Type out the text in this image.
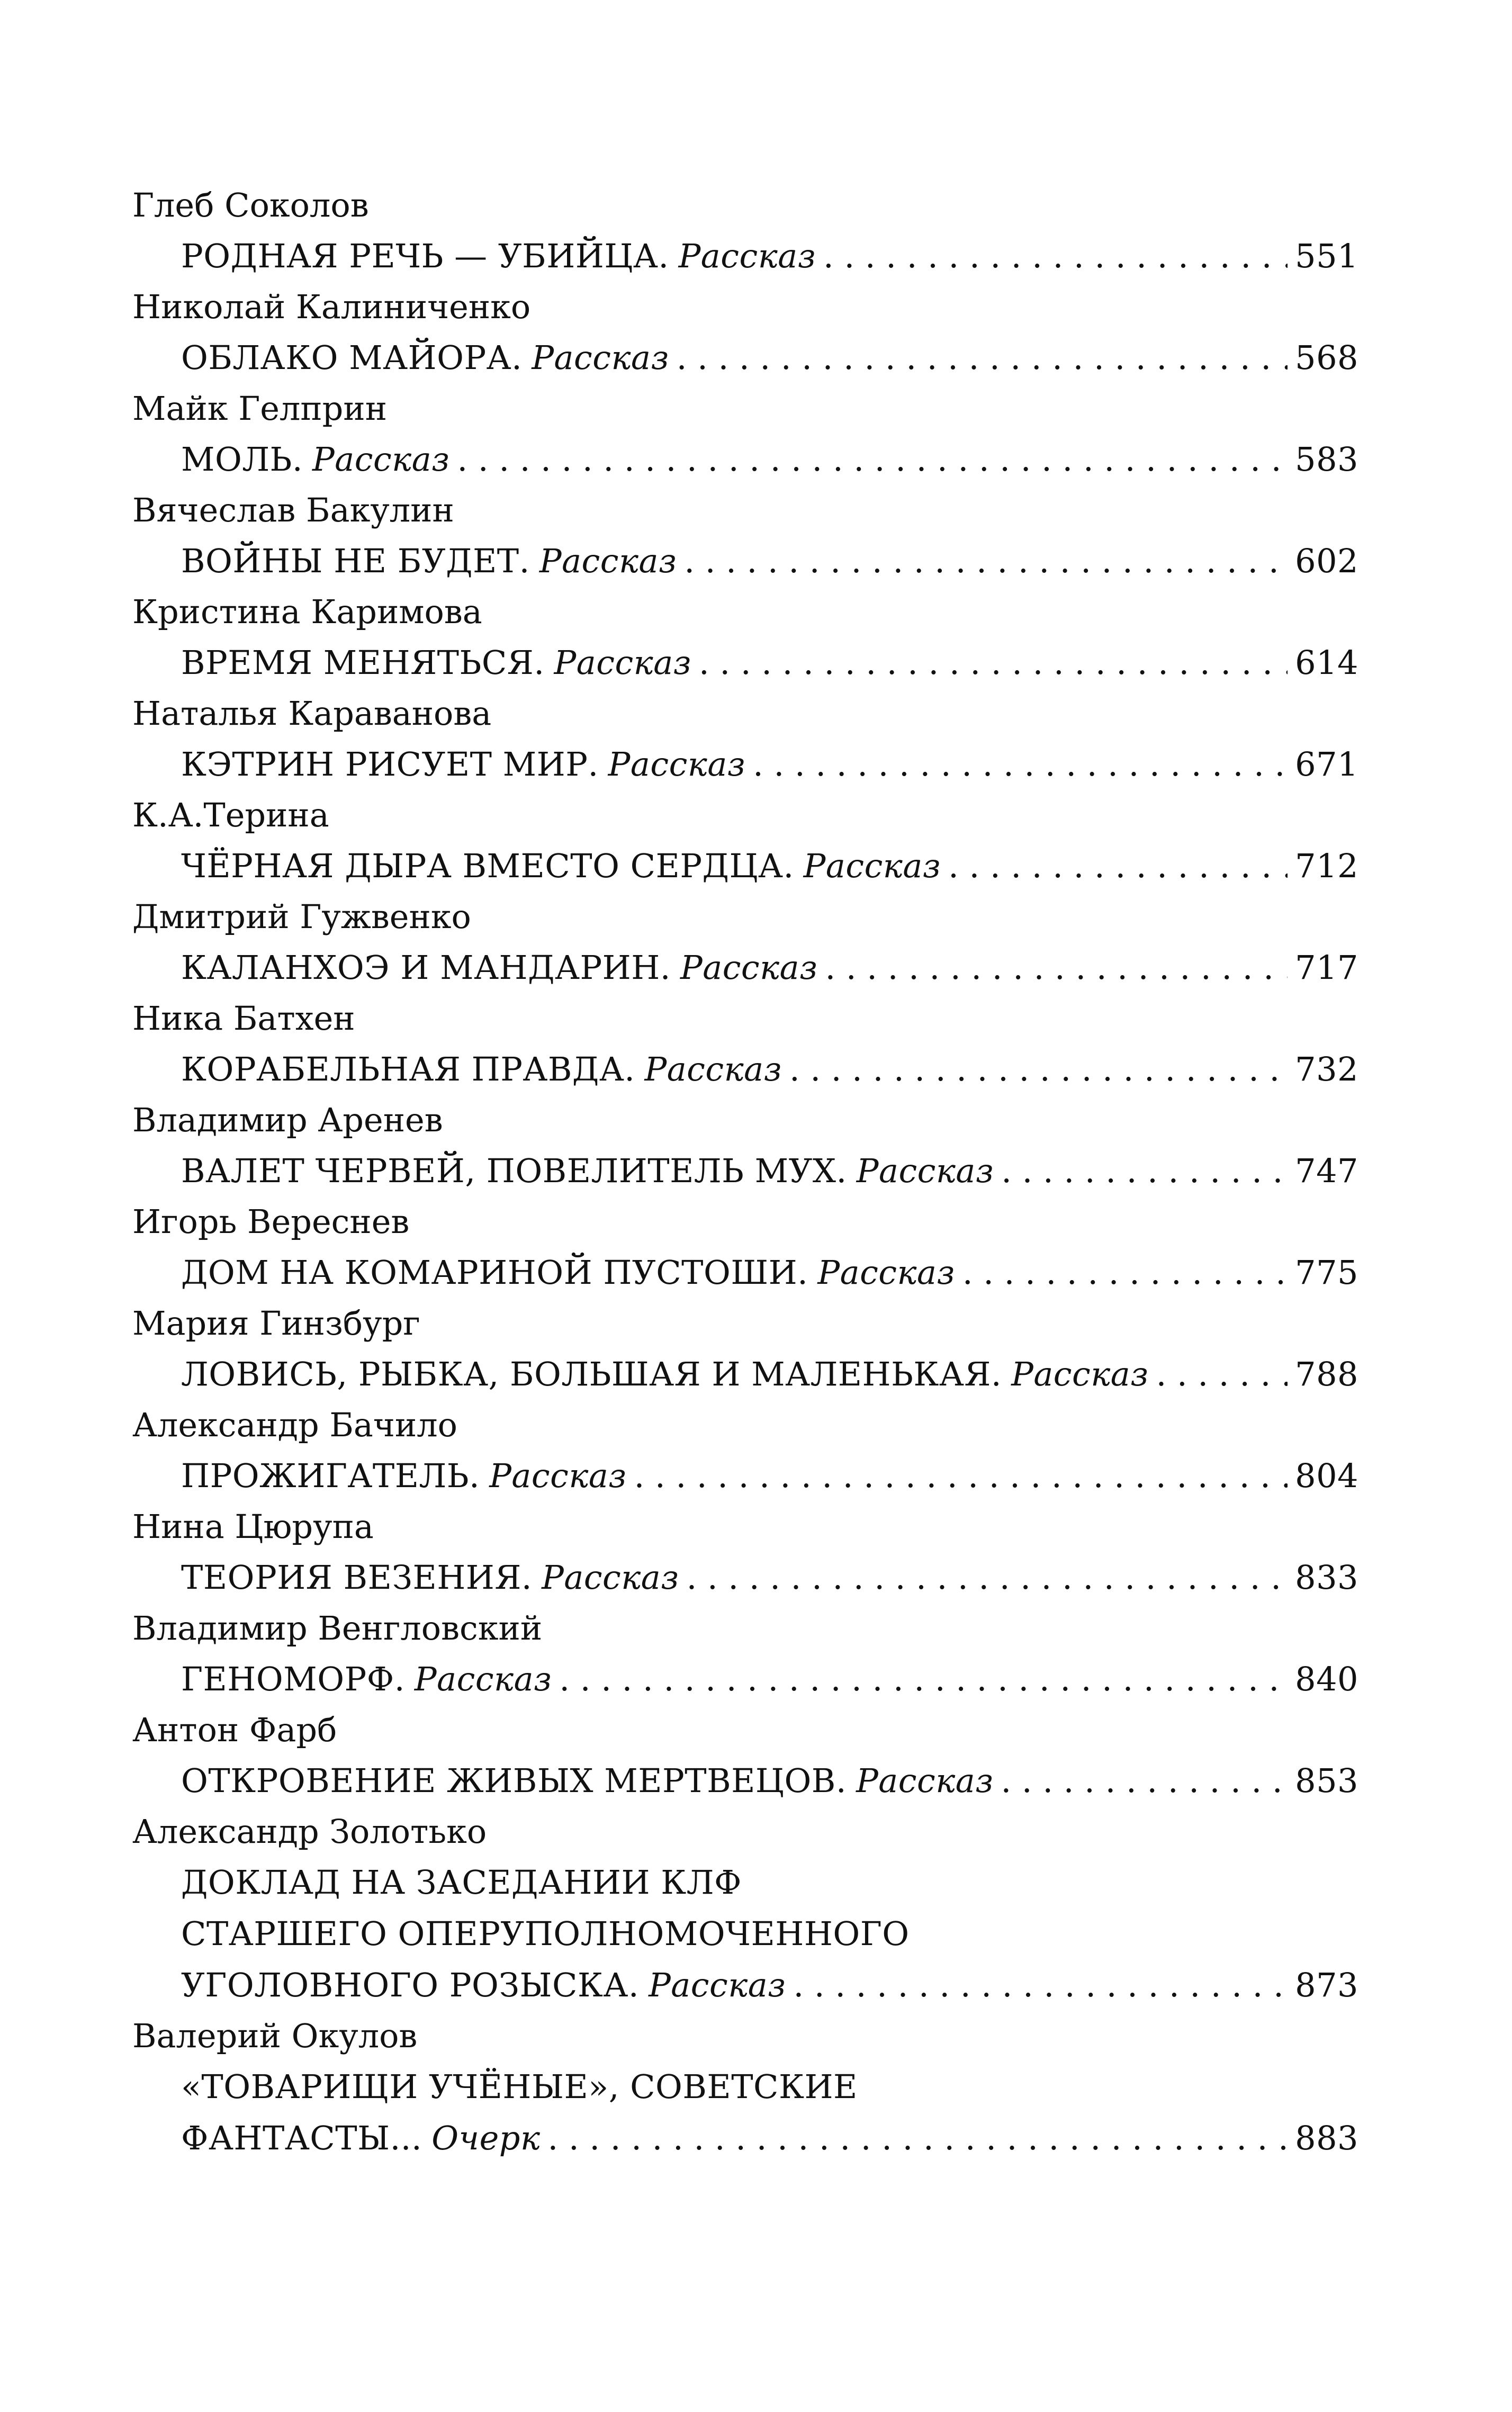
Глеб Соколов
РОДНАЯ РЕЧЬ — УБИЙЦА. Рассказ . . .	551
Николай Калиниченко
ОБЛАКО МАЙОРА. Рассказ . . .	568
Майк Гелприн
МОЛЬ. Рассказ . . .	583
Вячеслав Бакулин
ВОЙНЫ НЕ БУДЕТ. Рассказ . . .	602
Кристина Каримова
ВРЕМЯ МЕНЯТЬСЯ. Рассказ . . .	614
Наталья Караванова
КЭТРИН РИСУЕТ МИР. Рассказ . . .	671
К.А.Терина
ЧЁРНАЯ ДЫРА ВМЕСТО СЕРДЦА. Рассказ . . .	712
Дмитрий Гужвенко
КАЛАНХОЭ И МАНДАРИН. Рассказ . . .	717
Ника Батхен
КОРАБЕЛЬНАЯ ПРАВДА. Рассказ . . .	732
Владимир Аренев
ВАЛЕТ ЧЕРВЕЙ, ПОВЕЛИТЕЛЬ МУХ. Рассказ . . .	747
Игорь Вереснев
ДОМ НА КОМАРИНОЙ ПУСТОШИ. Рассказ . . .	775
Мария Гинзбург
ЛОВИСЬ, РЫБКА, БОЛЬШАЯ И МАЛЕНЬКАЯ. Рассказ . . .	788
Александр Бачило
ПРОЖИГАТЕЛЬ. Рассказ . . .	804
Нина Цюрупа
ТЕОРИЯ ВЕЗЕНИЯ. Рассказ . . .	833
Владимир Венгловский
ГЕНОМОРФ. Рассказ . . .	840
Антон Фарб
ОТКРОВЕНИЕ ЖИВЫХ МЕРТВЕЦОВ. Рассказ . . .	853
Александр Золотько
ДОКЛАД НА ЗАСЕДАНИИ КЛФ
СТАРШЕГО ОПЕРУПОЛНОМОЧЕННОГО
УГОЛОВНОГО РОЗЫСКА. Рассказ . . .	873
Валерий Окулов
«ТОВАРИЩИ УЧЁНЫЕ», СОВЕТСКИЕ
ФАНТАСТЫ... Очерк . . .	883
